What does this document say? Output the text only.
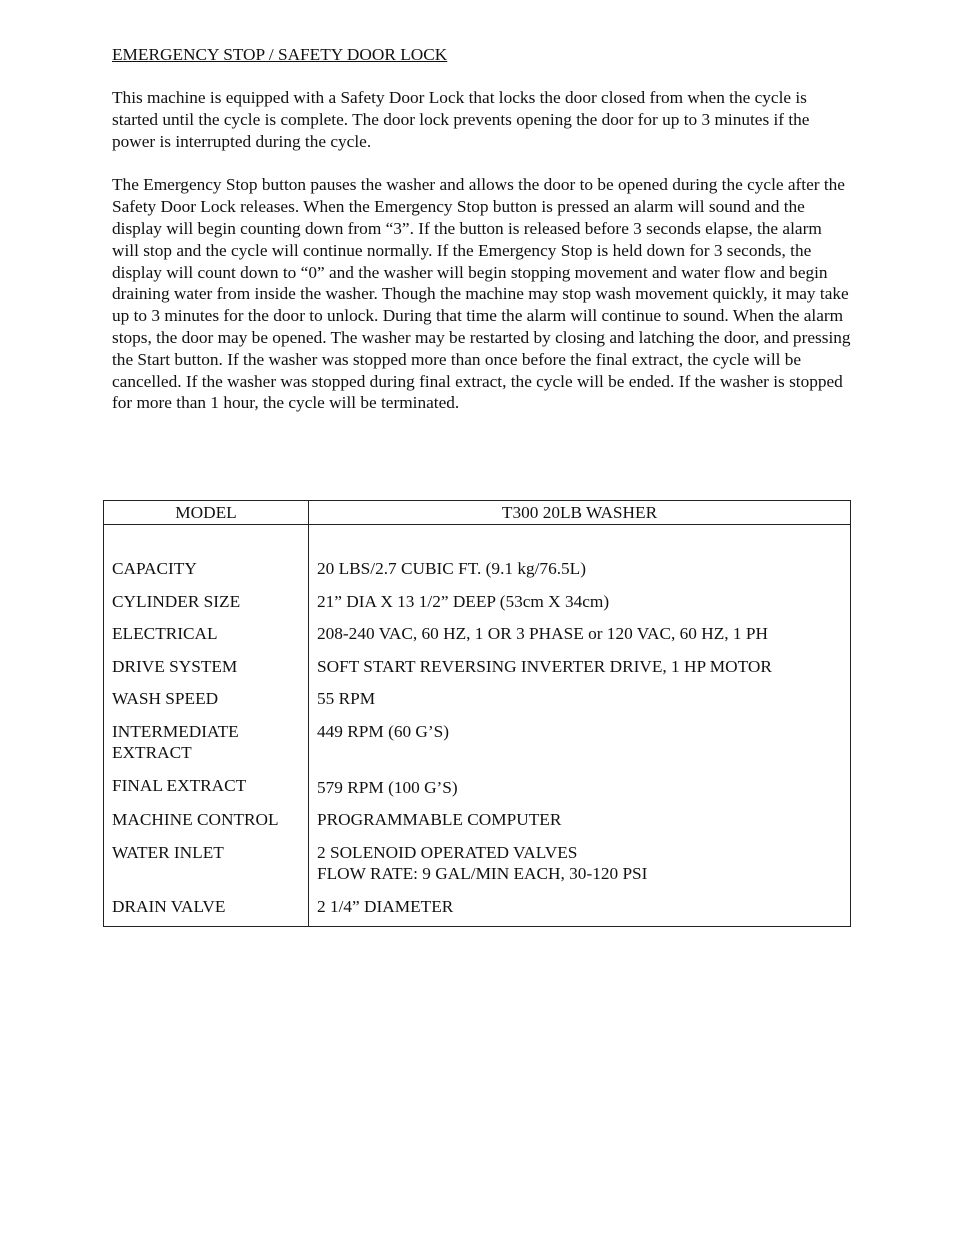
EMERGENCY STOP / SAFETY DOOR LOCK

This machine is equipped with a Safety Door Lock that locks the door closed from when the cycle is started until the cycle is complete. The door lock prevents opening the door for up to 3 minutes if the power is interrupted during the cycle.

The Emergency Stop button pauses the washer and allows the door to be opened during the cycle after the Safety Door Lock releases. When the Emergency Stop button is pressed an alarm will sound and the display will begin counting down from “3”. If the button is released before 3 seconds elapse, the alarm will stop and the cycle will continue normally. If the Emergency Stop is held down for 3 seconds, the display will count down to “0” and the washer will begin stopping movement and water flow and begin draining water from inside the washer. Though the machine may stop wash movement quickly, it may take up to 3 minutes for the door to unlock. During that time the alarm will continue to sound. When the alarm stops, the door may be opened. The washer may be restarted by closing and latching the door, and pressing the Start button. If the washer was stopped more than once before the final extract, the cycle will be cancelled. If the washer was stopped during final extract, the cycle will be ended. If the washer is stopped for more than 1 hour, the cycle will be terminated.

MODEL	T300 20LB WASHER

CAPACITY	20 LBS/2.7 CUBIC FT. (9.1 kg/76.5L)
CYLINDER SIZE	21” DIA X 13 1/2” DEEP (53cm X 34cm)
ELECTRICAL	208-240 VAC, 60 HZ, 1 OR 3 PHASE or 120 VAC, 60 HZ, 1 PH
DRIVE SYSTEM	SOFT START REVERSING INVERTER DRIVE, 1 HP MOTOR
WASH SPEED	55 RPM
INTERMEDIATE
EXTRACT	449 RPM (60 G’S)
FINAL EXTRACT	579 RPM (100 G’S)

MACHINE CONTROL	PROGRAMMABLE COMPUTER
WATER INLET	2 SOLENOID OPERATED VALVES
FLOW RATE: 9 GAL/MIN EACH, 30-120 PSI
DRAIN VALVE	2 1/4” DIAMETER
